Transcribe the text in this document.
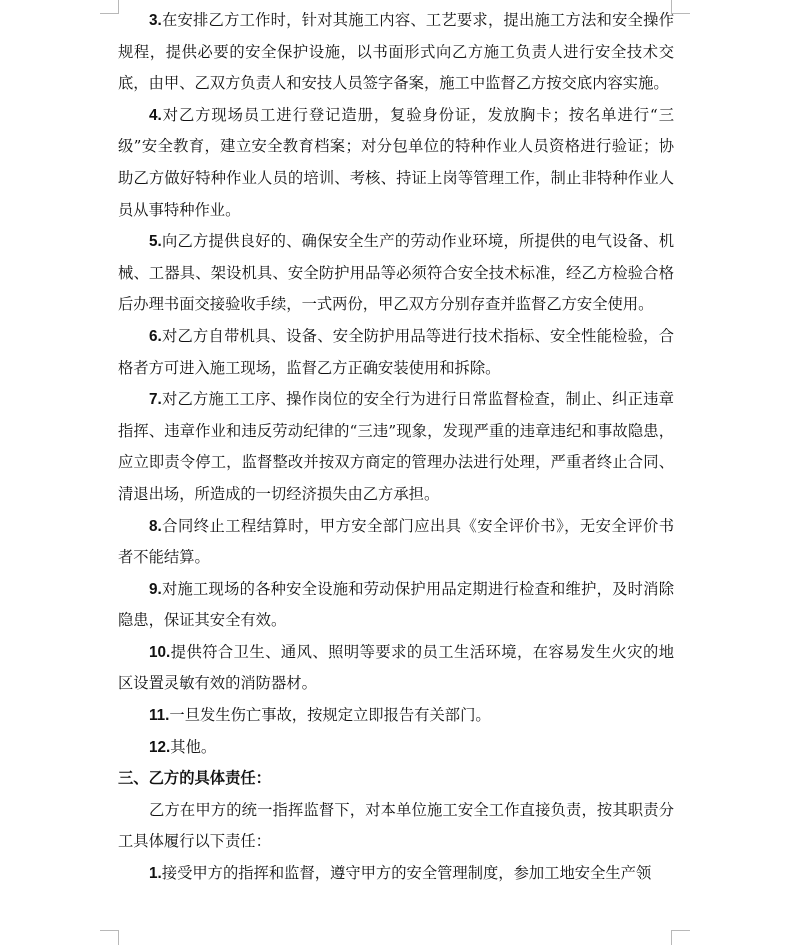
3.在安排乙方工作时，针对其施工内容、工艺要求，提出施工方法和安全操作规程，提供必要的安全保护设施，以书面形式向乙方施工负责人进行安全技术交底，由甲、乙双方负责人和安技人员签字备案，施工中监督乙方按交底内容实施。

4.对乙方现场员工进行登记造册，复验身份证，发放胸卡；按名单进行“三级”安全教育，建立安全教育档案；对分包单位的特种作业人员资格进行验证；协助乙方做好特种作业人员的培训、考核、持证上岗等管理工作，制止非特种作业人员从事特种作业。

5.向乙方提供良好的、确保安全生产的劳动作业环境，所提供的电气设备、机械、工器具、架设机具、安全防护用品等必须符合安全技术标准，经乙方检验合格后办理书面交接验收手续，一式两份，甲乙双方分别存查并监督乙方安全使用。

6.对乙方自带机具、设备、安全防护用品等进行技术指标、安全性能检验，合格者方可进入施工现场，监督乙方正确安装使用和拆除。

7.对乙方施工工序、操作岗位的安全行为进行日常监督检查，制止、纠正违章指挥、违章作业和违反劳动纪律的“三违”现象，发现严重的违章违纪和事故隐患，应立即责令停工，监督整改并按双方商定的管理办法进行处理，严重者终止合同、清退出场，所造成的一切经济损失由乙方承担。

8.合同终止工程结算时，甲方安全部门应出具《安全评价书》，无安全评价书者不能结算。

9.对施工现场的各种安全设施和劳动保护用品定期进行检查和维护，及时消除隐患，保证其安全有效。

10.提供符合卫生、通风、照明等要求的员工生活环境，在容易发生火灾的地区设置灵敏有效的消防器材。

11.一旦发生伤亡事故，按规定立即报告有关部门。

12.其他。

三、乙方的具体责任：

乙方在甲方的统一指挥监督下，对本单位施工安全工作直接负责，按其职责分工具体履行以下责任：

1.接受甲方的指挥和监督，遵守甲方的安全管理制度，参加工地安全生产领
